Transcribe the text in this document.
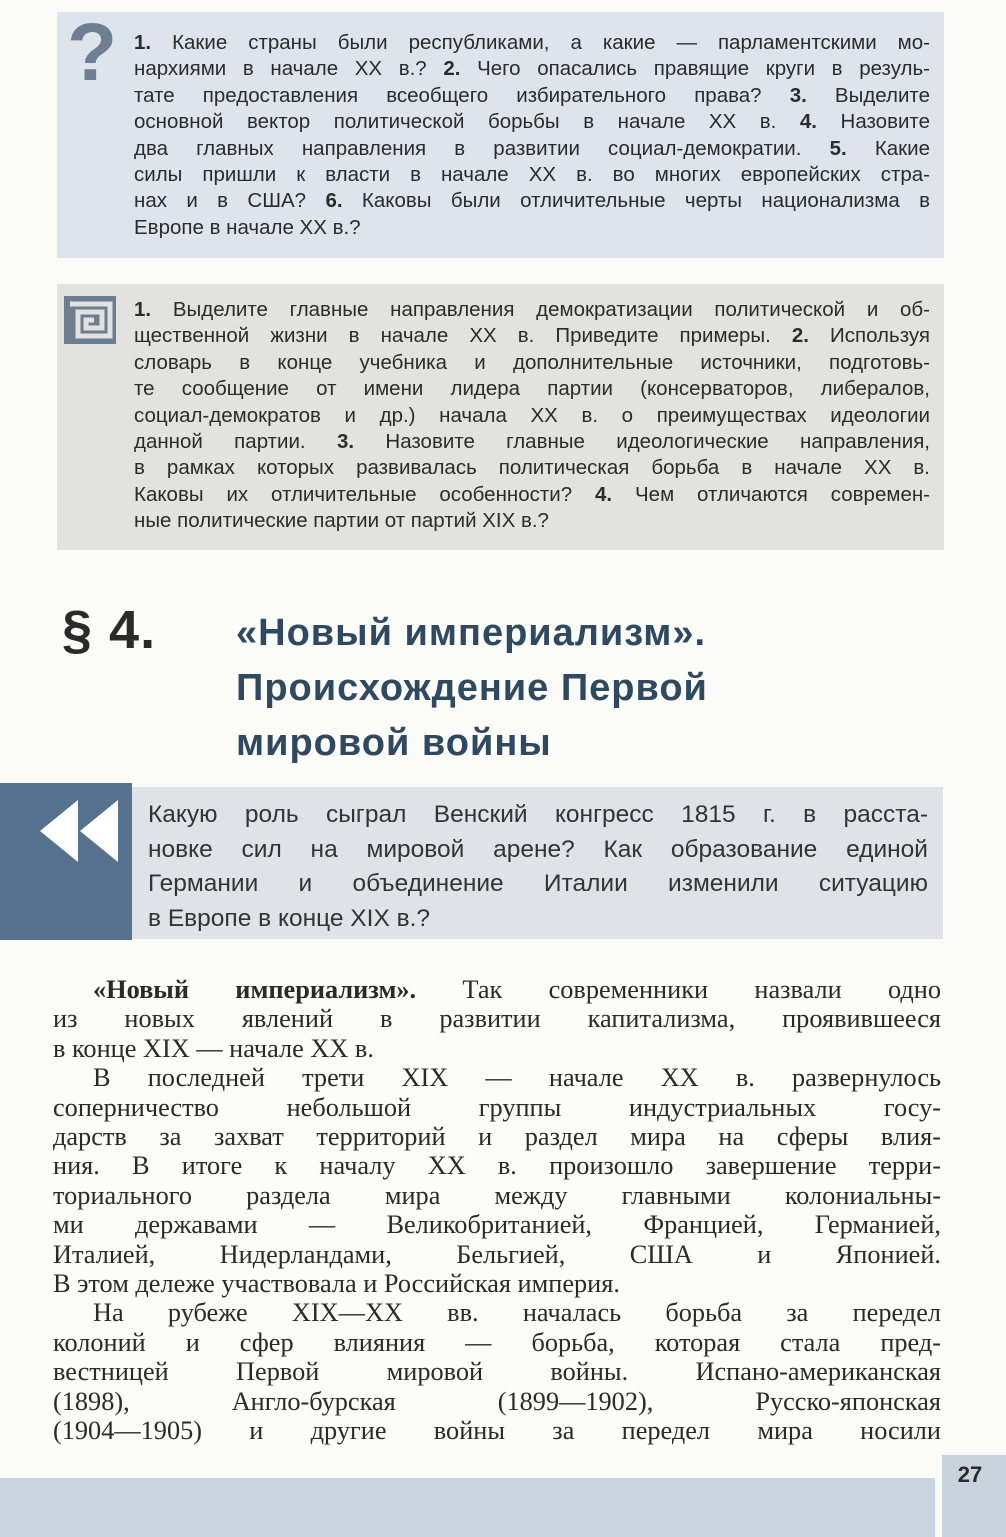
? 1. Какие страны были республиками, а какие — парламентскими мо-

нархиями в начале XX в.? 2. Чего опасались правящие круги в резуль-

тате предоставления всеобщего избирательного права? 3. Выделите

основной вектор политической борьбы в начале XX в. 4. Назовите

два главных направления в развитии социал-демократии. 5. Какие

силы пришли к власти в начале XX в. во многих европейских стра-

нах и в США? 6. Каковы были отличительные черты национализма в

Европе в начале XX в.?

1. Выделите главные направления демократизации политической и об-

щественной жизни в начале XX в. Приведите примеры. 2. Используя

словарь в конце учебника и дополнительные источники, подготовь-

те сообщение от имени лидера партии (консерваторов, либералов,

социал-демократов и др.) начала XX в. о преимуществах идеологии

данной партии. 3. Назовите главные идеологические направления,

в рамках которых развивалась политическая борьба в начале XX в.

Каковы их отличительные особенности? 4. Чем отличаются современ-

ные политические партии от партий XIX в.?

§ 4. «Новый империализм».
Происхождение Первой
мировой войны

Какую роль сыграл Венский конгресс 1815 г. в расста-

новке сил на мировой арене? Как образование единой

Германии и объединение Италии изменили ситуацию

в Европе в конце XIX в.?

«Новый империализм». Так современники назвали одно

из новых явлений в развитии капитализма, проявившееся

в конце XIX — начале XX в.

В последней трети XIX — начале XX в. развернулось

соперничество небольшой группы индустриальных госу-

дарств за захват территорий и раздел мира на сферы влия-

ния. В итоге к началу XX в. произошло завершение терри-

ториального раздела мира между главными колониальны-

ми державами — Великобританией, Францией, Германией,

Италией, Нидерландами, Бельгией, США и Японией.

В этом дележе участвовала и Российская империя.

На рубеже XIX—XX вв. началась борьба за передел

колоний и сфер влияния — борьба, которая стала пред-

вестницей Первой мировой войны. Испано-американская

(1898), Англо-бурская (1899—1902), Русско-японская

(1904—1905) и другие войны за передел мира носили

27
